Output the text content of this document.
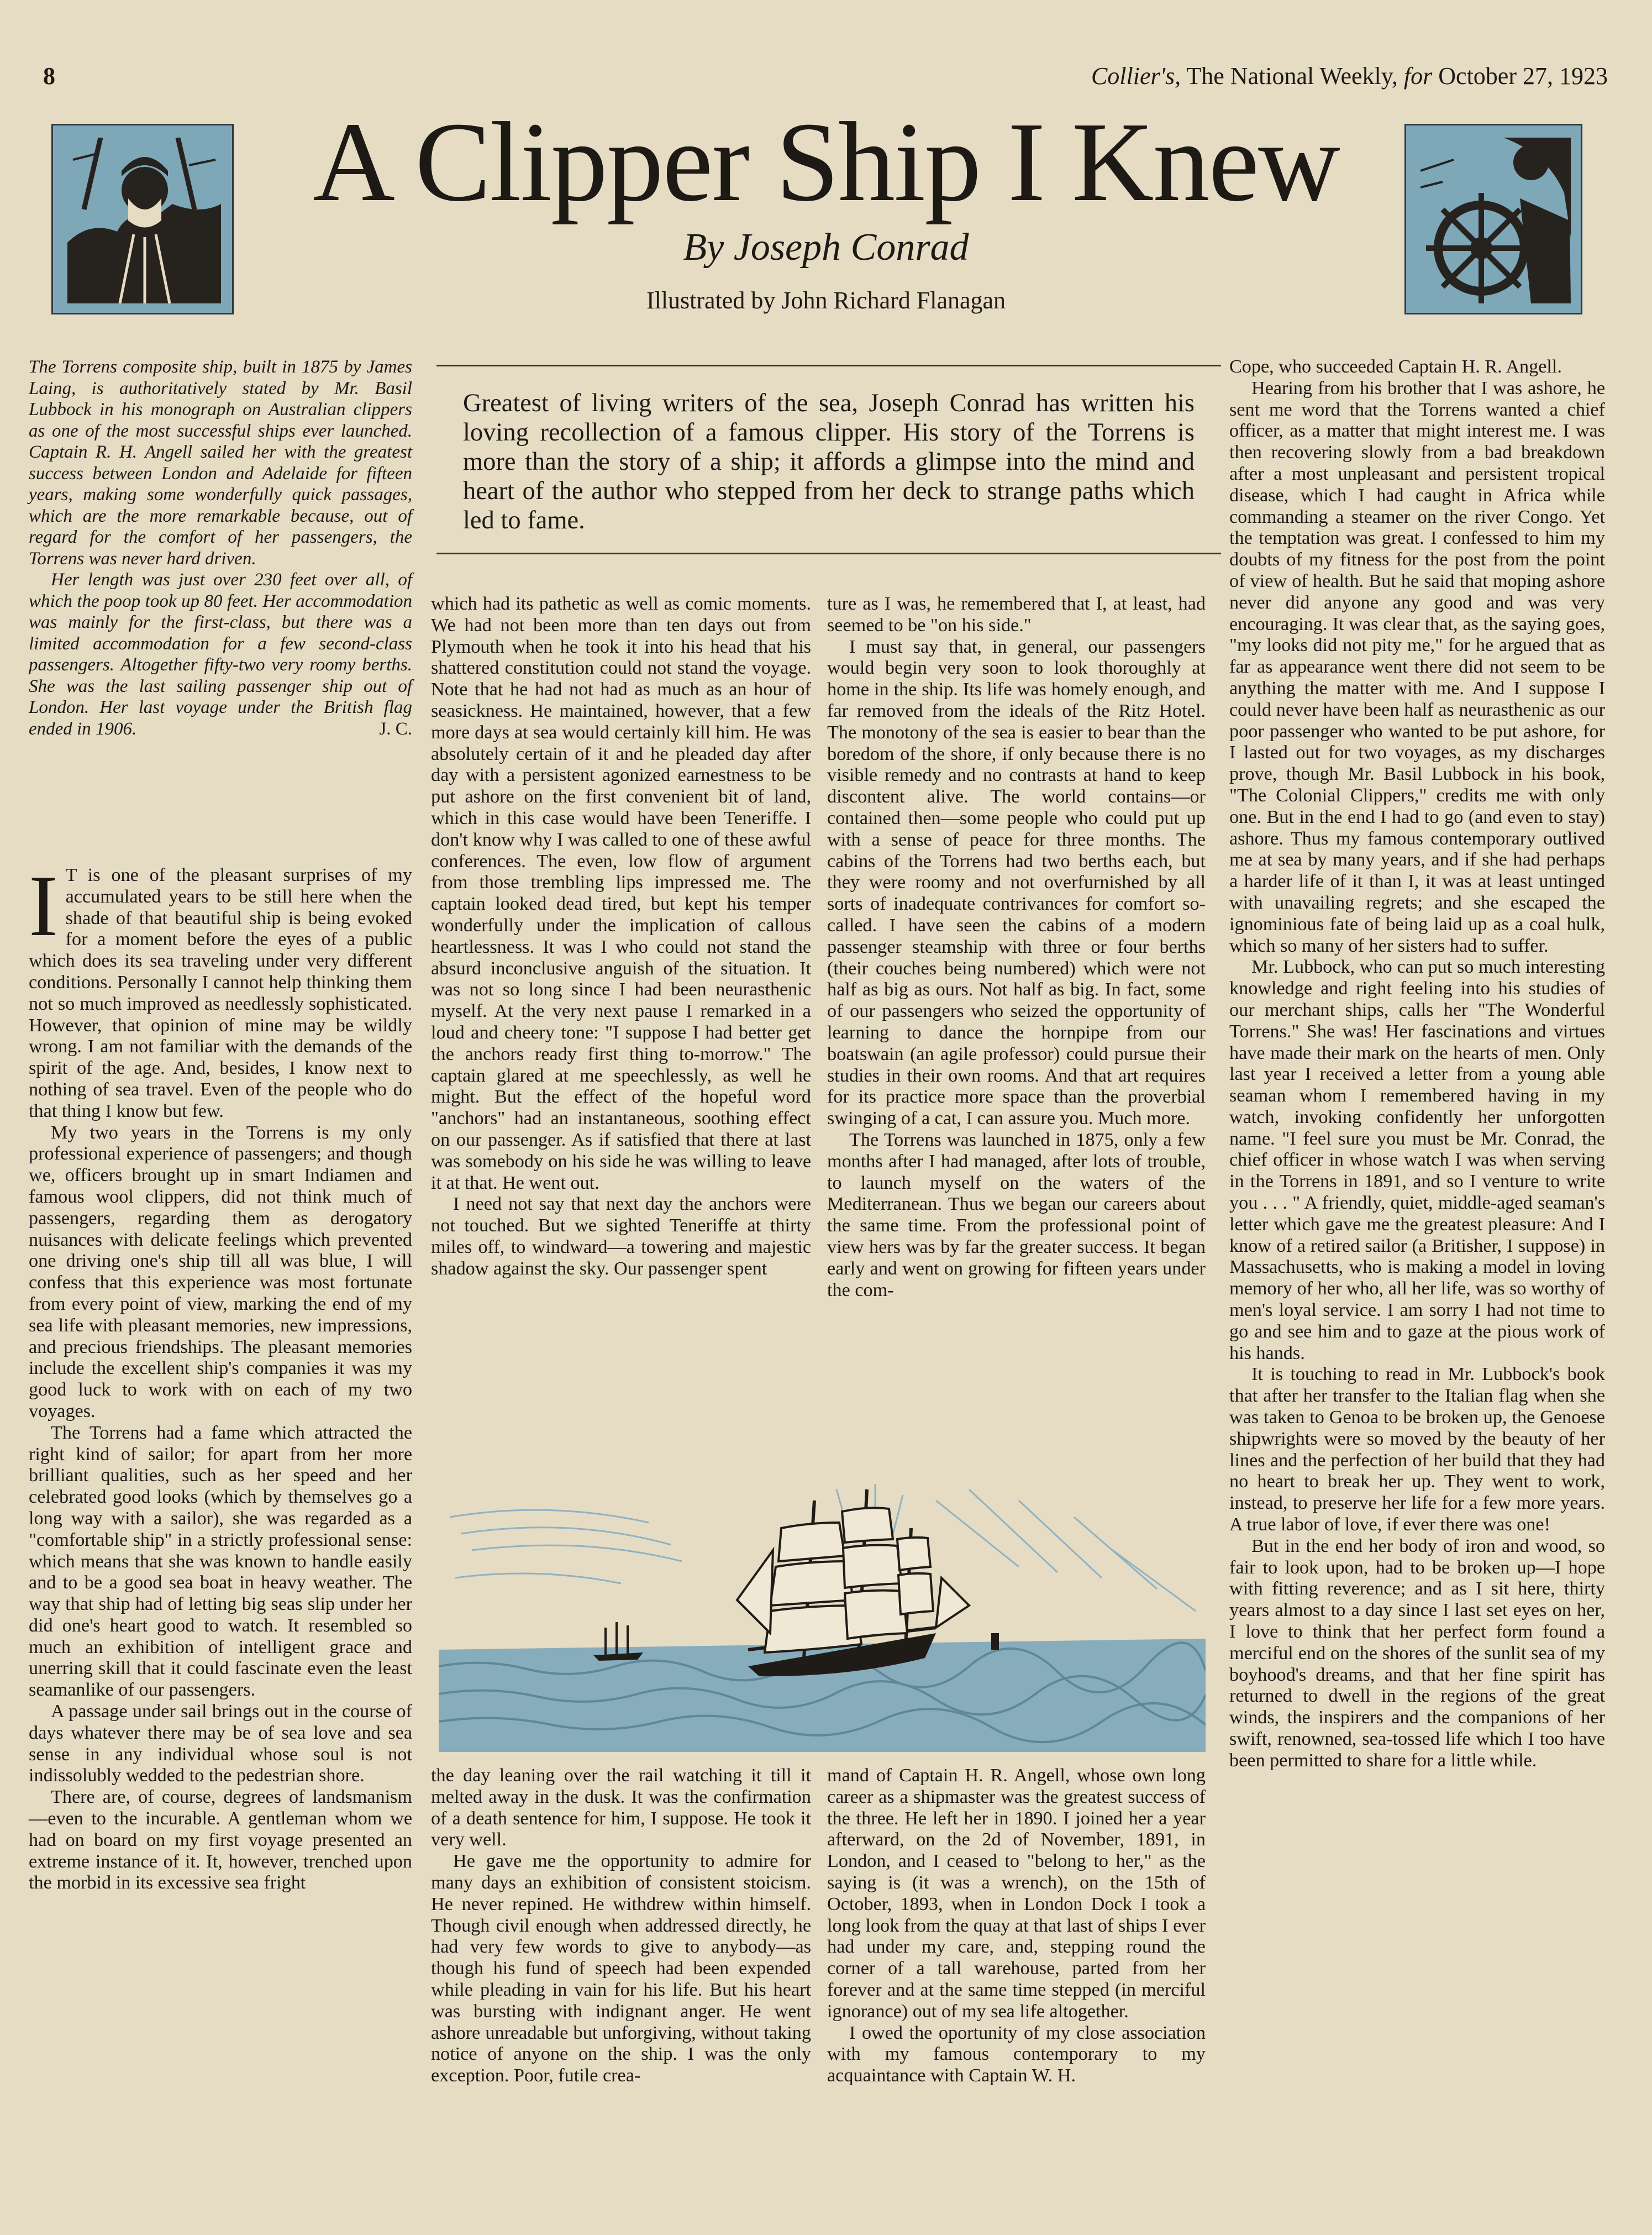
8	Collier's, The National Weekly, for October 27, 1923
A Clipper Ship I Knew
By Joseph Conrad
Illustrated by John Richard Flanagan

The Torrens composite ship, built in 1875 by James Laing, is authoritatively stated by Mr. Basil Lubbock in his monograph on Australian clippers as one of the most successful ships ever launched. Captain R. H. Angell sailed her with the greatest success between London and Adelaide for fifteen years, making some wonderfully quick passages, which are the more remarkable because, out of regard for the comfort of her passengers, the Torrens was never hard driven.

Her length was just over 230 feet over all, of which the poop took up 80 feet. Her accommodation was mainly for the first-class, but there was a limited accommodation for a few second-class passengers. Altogether fifty-two very roomy berths. She was the last sailing passenger ship out of London. Her last voyage under the British flag ended in 1906.	J. C.

Greatest of living writers of the sea, Joseph Conrad has written his loving recollection of a famous clipper. His story of the Torrens is more than the story of a ship; it affords a glimpse into the mind and heart of the author who stepped from her deck to strange paths which led to fame.

I T is one of the pleasant surprises of my accumulated years to be still here when the shade of that beautiful ship is being evoked for a moment before the eyes of a public which does its sea traveling under very different conditions. Personally I cannot help thinking them not so much improved as needlessly sophisticated. However, that opinion of mine may be wildly wrong. I am not familiar with the demands of the spirit of the age. And, besides, I know next to nothing of sea travel. Even of the people who do that thing I know but few.

My two years in the Torrens is my only professional experience of passengers; and though we, officers brought up in smart Indiamen and famous wool clippers, did not think much of passengers, regarding them as derogatory nuisances with delicate feelings which prevented one driving one's ship till all was blue, I will confess that this experience was most fortunate from every point of view, marking the end of my sea life with pleasant memories, new impressions, and precious friendships. The pleasant memories include the excellent ship's companies it was my good luck to work with on each of my two voyages.

The Torrens had a fame which attracted the right kind of sailor; for apart from her more brilliant qualities, such as her speed and her celebrated good looks (which by themselves go a long way with a sailor), she was regarded as a "comfortable ship" in a strictly professional sense: which means that she was known to handle easily and to be a good sea boat in heavy weather. The way that ship had of letting big seas slip under her did one's heart good to watch. It resembled so much an exhibition of intelligent grace and unerring skill that it could fascinate even the least seamanlike of our passengers.

A passage under sail brings out in the course of days whatever there may be of sea love and sea sense in any individual whose soul is not indissolubly wedded to the pedestrian shore.

There are, of course, degrees of landsmanism—even to the incurable. A gentleman whom we had on board on my first voyage presented an extreme instance of it. It, however, trenched upon the morbid in its excessive sea fright

which had its pathetic as well as comic moments. We had not been more than ten days out from Plymouth when he took it into his head that his shattered constitution could not stand the voyage. Note that he had not had as much as an hour of seasickness. He maintained, however, that a few more days at sea would certainly kill him. He was absolutely certain of it and he pleaded day after day with a persistent agonized earnestness to be put ashore on the first convenient bit of land, which in this case would have been Teneriffe. I don't know why I was called to one of these awful conferences. The even, low flow of argument from those trembling lips impressed me. The captain looked dead tired, but kept his temper wonderfully under the implication of callous heartlessness. It was I who could not stand the absurd inconclusive anguish of the situation. It was not so long since I had been neurasthenic myself. At the very next pause I remarked in a loud and cheery tone: "I suppose I had better get the anchors ready first thing to-morrow." The captain glared at me speechlessly, as well he might. But the effect of the hopeful word "anchors" had an instantaneous, soothing effect on our passenger. As if satisfied that there at last was somebody on his side he was willing to leave it at that. He went out.

I need not say that next day the anchors were not touched. But we sighted Teneriffe at thirty miles off, to windward—a towering and majestic shadow against the sky. Our passenger spent

ture as I was, he remembered that I, at least, had seemed to be "on his side."

I must say that, in general, our passengers would begin very soon to look thoroughly at home in the ship. Its life was homely enough, and far removed from the ideals of the Ritz Hotel. The monotony of the sea is easier to bear than the boredom of the shore, if only because there is no visible remedy and no contrasts at hand to keep discontent alive. The world contains—or contained then—some people who could put up with a sense of peace for three months. The cabins of the Torrens had two berths each, but they were roomy and not overfurnished by all sorts of inadequate contrivances for comfort so-called. I have seen the cabins of a modern passenger steamship with three or four berths (their couches being numbered) which were not half as big as ours. Not half as big. In fact, some of our passengers who seized the opportunity of learning to dance the hornpipe from our boatswain (an agile professor) could pursue their studies in their own rooms. And that art requires for its practice more space than the proverbial swinging of a cat, I can assure you. Much more.

The Torrens was launched in 1875, only a few months after I had managed, after lots of trouble, to launch myself on the waters of the Mediterranean. Thus we began our careers about the same time. From the professional point of view hers was by far the greater success. It began early and went on growing for fifteen years under the com-

the day leaning over the rail watching it till it melted away in the dusk. It was the confirmation of a death sentence for him, I suppose. He took it very well.

He gave me the opportunity to admire for many days an exhibition of consistent stoicism. He never repined. He withdrew within himself. Though civil enough when addressed directly, he had very few words to give to anybody—as though his fund of speech had been expended while pleading in vain for his life. But his heart was bursting with indignant anger. He went ashore unreadable but unforgiving, without taking notice of anyone on the ship. I was the only exception. Poor, futile crea-

mand of Captain H. R. Angell, whose own long career as a shipmaster was the greatest success of the three. He left her in 1890. I joined her a year afterward, on the 2d of November, 1891, in London, and I ceased to "belong to her," as the saying is (it was a wrench), on the 15th of October, 1893, when in London Dock I took a long look from the quay at that last of ships I ever had under my care, and, stepping round the corner of a tall warehouse, parted from her forever and at the same time stepped (in merciful ignorance) out of my sea life altogether.

I owed the oportunity of my close association with my famous contemporary to my acquaintance with Captain W. H.

Cope, who succeeded Captain H. R. Angell.

Hearing from his brother that I was ashore, he sent me word that the Torrens wanted a chief officer, as a matter that might interest me. I was then recovering slowly from a bad breakdown after a most unpleasant and persistent tropical disease, which I had caught in Africa while commanding a steamer on the river Congo. Yet the temptation was great. I confessed to him my doubts of my fitness for the post from the point of view of health. But he said that moping ashore never did anyone any good and was very encouraging. It was clear that, as the saying goes, "my looks did not pity me," for he argued that as far as appearance went there did not seem to be anything the matter with me. And I suppose I could never have been half as neurasthenic as our poor passenger who wanted to be put ashore, for I lasted out for two voyages, as my discharges prove, though Mr. Basil Lubbock in his book, "The Colonial Clippers," credits me with only one. But in the end I had to go (and even to stay) ashore. Thus my famous contemporary outlived me at sea by many years, and if she had perhaps a harder life of it than I, it was at least untinged with unavailing regrets; and she escaped the ignominious fate of being laid up as a coal hulk, which so many of her sisters had to suffer.

Mr. Lubbock, who can put so much interesting knowledge and right feeling into his studies of our merchant ships, calls her "The Wonderful Torrens." She was! Her fascinations and virtues have made their mark on the hearts of men. Only last year I received a letter from a young able seaman whom I remembered having in my watch, invoking confidently her unforgotten name. "I feel sure you must be Mr. Conrad, the chief officer in whose watch I was when serving in the Torrens in 1891, and so I venture to write you . . . " A friendly, quiet, middle-aged seaman's letter which gave me the greatest pleasure: And I know of a retired sailor (a Britisher, I suppose) in Massachusetts, who is making a model in loving memory of her who, all her life, was so worthy of men's loyal service. I am sorry I had not time to go and see him and to gaze at the pious work of his hands.

It is touching to read in Mr. Lubbock's book that after her transfer to the Italian flag when she was taken to Genoa to be broken up, the Genoese shipwrights were so moved by the beauty of her lines and the perfection of her build that they had no heart to break her up. They went to work, instead, to preserve her life for a few more years. A true labor of love, if ever there was one!

But in the end her body of iron and wood, so fair to look upon, had to be broken up—I hope with fitting reverence; and as I sit here, thirty years almost to a day since I last set eyes on her, I love to think that her perfect form found a merciful end on the shores of the sunlit sea of my boyhood's dreams, and that her fine spirit has returned to dwell in the regions of the great winds, the inspirers and the companions of her swift, renowned, sea-tossed life which I too have been permitted to share for a little while.
